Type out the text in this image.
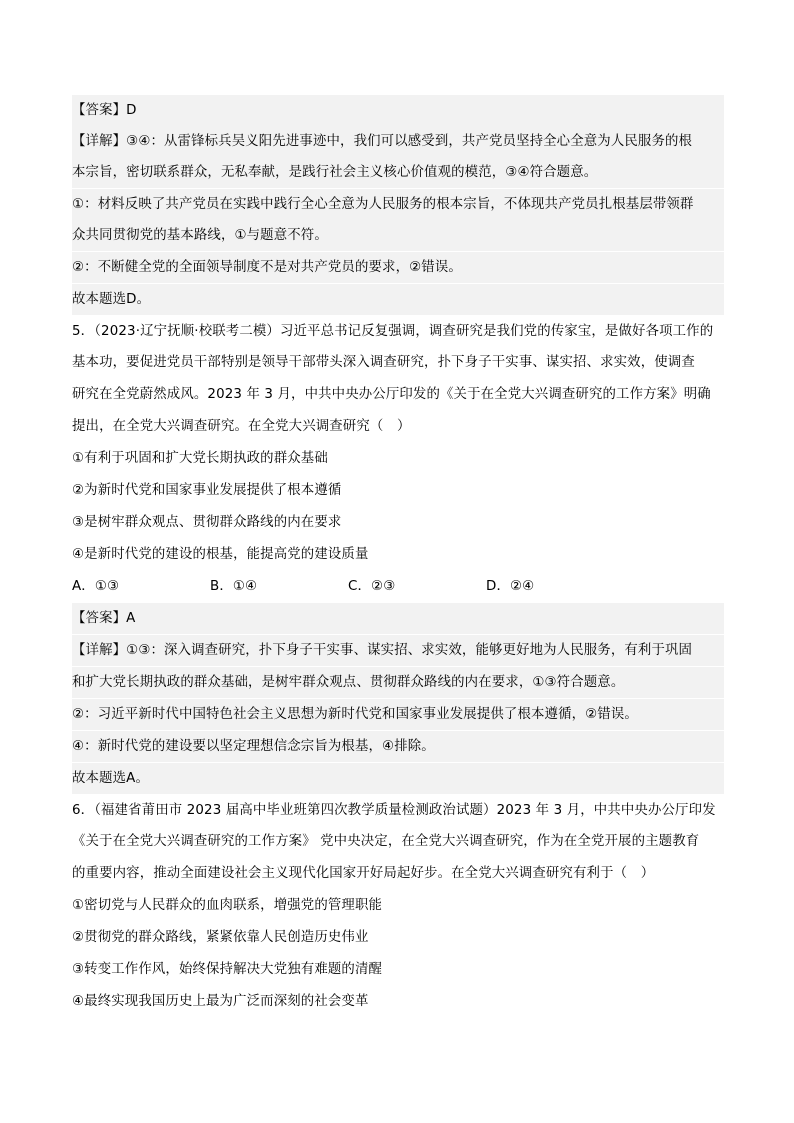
【答案】D
【详解】③④：从雷锋标兵吴义阳先进事迹中，我们可以感受到，共产党员坚持全心全意为人民服务的根
本宗旨，密切联系群众，无私奉献，是践行社会主义核心价值观的模范，③④符合题意。
①：材料反映了共产党员在实践中践行全心全意为人民服务的根本宗旨，不体现共产党员扎根基层带领群
众共同贯彻党的基本路线，①与题意不符。
②：不断健全党的全面领导制度不是对共产党员的要求，②错误。
故本题选D。
5．（2023·辽宁抚顺·校联考二模）习近平总书记反复强调，调查研究是我们党的传家宝，是做好各项工作的
基本功，要促进党员干部特别是领导干部带头深入调查研究，扑下身子干实事、谋实招、求实效，使调查
研究在全党蔚然成风。2023 年 3 月，中共中央办公厅印发的《关于在全党大兴调查研究的工作方案》明确
提出，在全党大兴调查研究。在全党大兴调查研究（　）
①有利于巩固和扩大党长期执政的群众基础
②为新时代党和国家事业发展提供了根本遵循
③是树牢群众观点、贯彻群众路线的内在要求
④是新时代党的建设的根基，能提高党的建设质量
A．①③	B．①④	C．②③	D．②④
【答案】A
【详解】①③：深入调查研究，扑下身子干实事、谋实招、求实效，能够更好地为人民服务，有利于巩固
和扩大党长期执政的群众基础，是树牢群众观点、贯彻群众路线的内在要求，①③符合题意。
②：习近平新时代中国特色社会主义思想为新时代党和国家事业发展提供了根本遵循，②错误。
④：新时代党的建设要以坚定理想信念宗旨为根基，④排除。
故本题选A。
6．（福建省莆田市 2023 届高中毕业班第四次教学质量检测政治试题）2023 年 3 月，中共中央办公厅印发
《关于在全党大兴调查研究的工作方案》 党中央决定，在全党大兴调查研究，作为在全党开展的主题教育
的重要内容，推动全面建设社会主义现代化国家开好局起好步。在全党大兴调查研究有利于（　）
①密切党与人民群众的血肉联系，增强党的管理职能
②贯彻党的群众路线，紧紧依靠人民创造历史伟业
③转变工作作风，始终保持解决大党独有难题的清醒
④最终实现我国历史上最为广泛而深刻的社会变革
